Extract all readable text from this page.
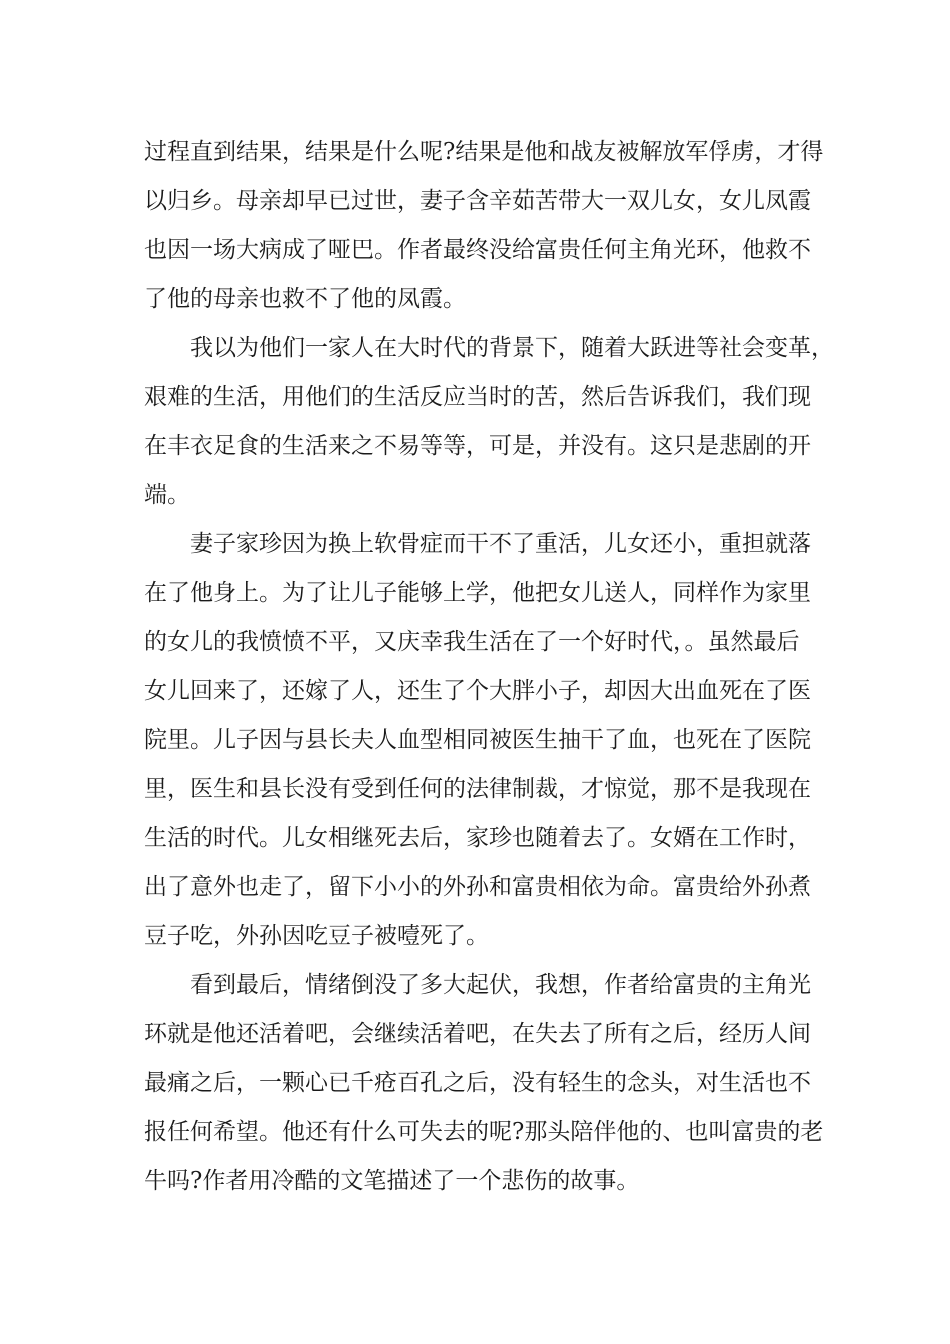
过程直到结果，结果是什么呢?结果是他和战友被解放军俘虏，才得
以归乡。母亲却早已过世，妻子含辛茹苦带大一双儿女，女儿凤霞
也因一场大病成了哑巴。作者最终没给富贵任何主角光环，他救不
了他的母亲也救不了他的凤霞。
我以为他们一家人在大时代的背景下，随着大跃进等社会变革，
艰难的生活，用他们的生活反应当时的苦，然后告诉我们，我们现
在丰衣足食的生活来之不易等等，可是，并没有。这只是悲剧的开
端。
妻子家珍因为换上软骨症而干不了重活，儿女还小，重担就落
在了他身上。为了让儿子能够上学，他把女儿送人，同样作为家里
的女儿的我愤愤不平，又庆幸我生活在了一个好时代，。虽然最后
女儿回来了，还嫁了人，还生了个大胖小子，却因大出血死在了医
院里。儿子因与县长夫人血型相同被医生抽干了血，也死在了医院
里，医生和县长没有受到任何的法律制裁，才惊觉，那不是我现在
生活的时代。儿女相继死去后，家珍也随着去了。女婿在工作时，
出了意外也走了，留下小小的外孙和富贵相依为命。富贵给外孙煮
豆子吃，外孙因吃豆子被噎死了。
看到最后，情绪倒没了多大起伏，我想，作者给富贵的主角光
环就是他还活着吧，会继续活着吧，在失去了所有之后，经历人间
最痛之后，一颗心已千疮百孔之后，没有轻生的念头，对生活也不
报任何希望。他还有什么可失去的呢?那头陪伴他的、也叫富贵的老
牛吗?作者用冷酷的文笔描述了一个悲伤的故事。
